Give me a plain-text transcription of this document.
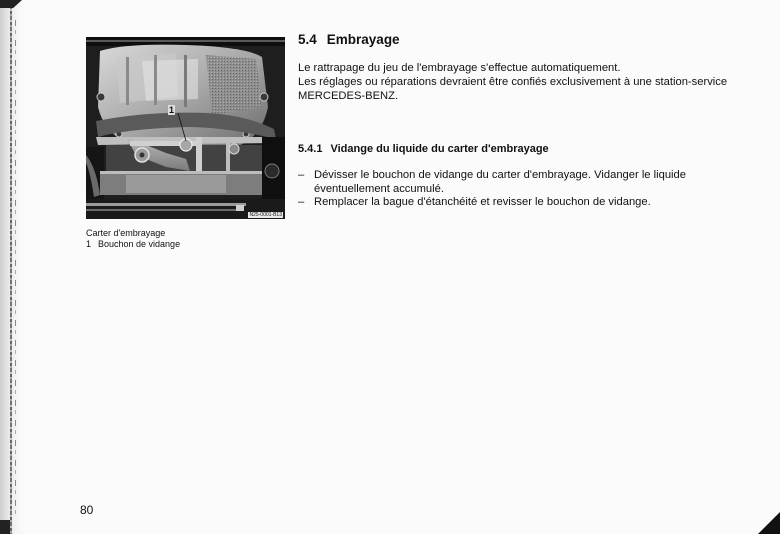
1
N25-0001-B13
Carter d'embrayage
1 Bouchon de vidange
5.4 Embrayage

Le rattrapage du jeu de l'embrayage s'effectue automatiquement.

Les réglages ou réparations devraient être confiés exclusivement à une station-service MERCEDES-BENZ.

5.4.1 Vidange du liquide du carter d'embrayage
– Dévisser le bouchon de vidange du carter d'embrayage. Vidanger le liquide éventuellement accumulé.
– Remplacer la bague d'étanchéité et revisser le bouchon de vidange.
80
